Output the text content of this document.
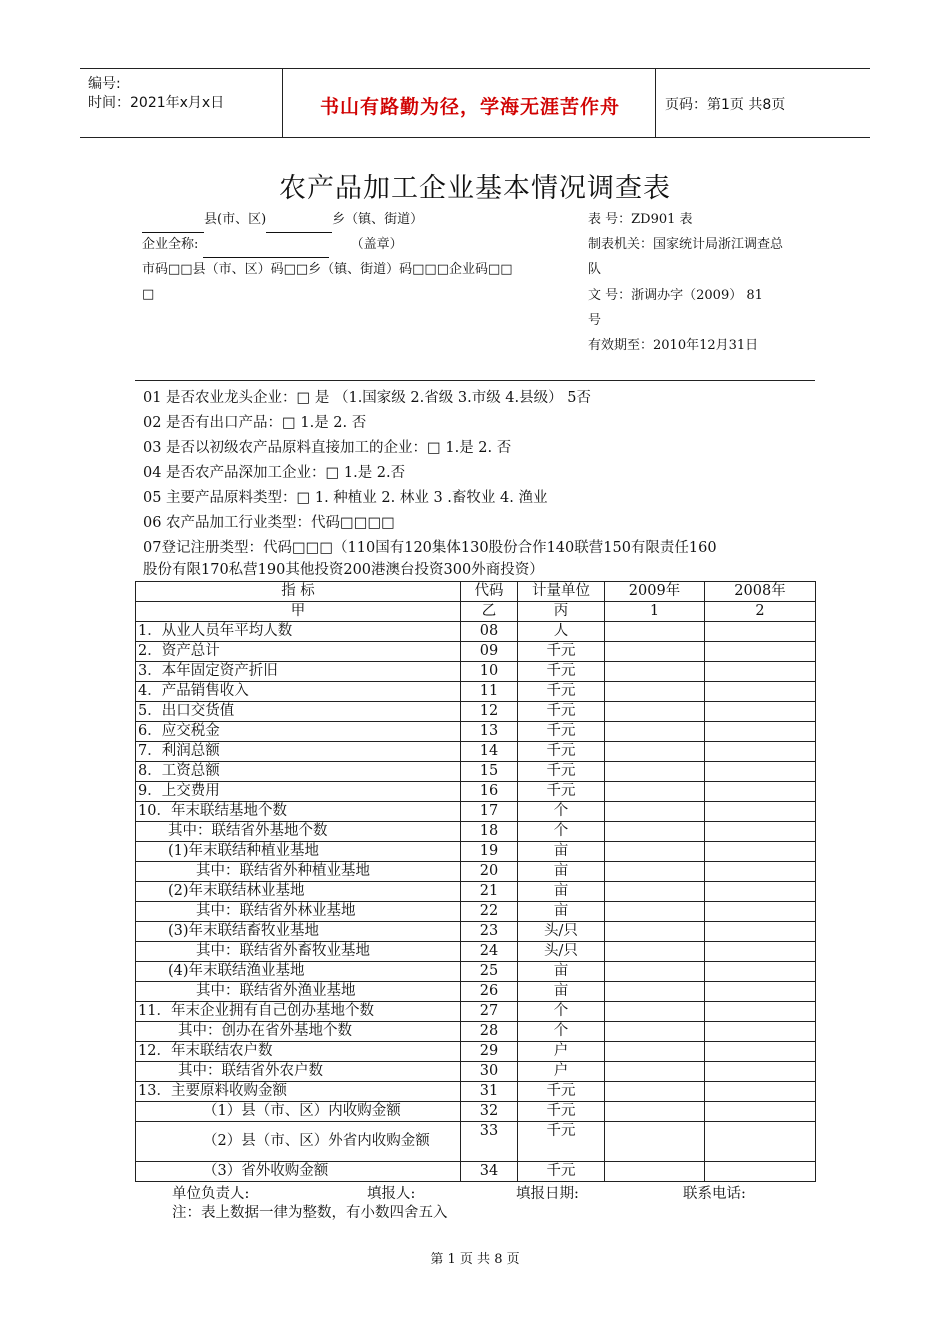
编号:
时间：2021年x月x日	书山有路勤为径，学海无涯苦作舟	页码：第1页 共8页
农产品加工企业基本情况调查表
县(市、区)	乡（镇、街道）
企业全称:	（盖章）
市码□□县（市、区）码□□乡（镇、街道）码□□□企业码□□
□
表 号：ZD901 表
制表机关：国家统计局浙江调查总
队
文 号：浙调办字（2009） 81
号
有效期至：2010年12月31日
01 是否农业龙头企业：□ 是 （1.国家级 2.省级 3.市级 4.县级） 5否
02 是否有出口产品：□ 1.是 2. 否
03 是否以初级农产品原料直接加工的企业：□ 1.是 2. 否
04 是否农产品深加工企业：□ 1.是 2.否
05 主要产品原料类型：□ 1. 种植业 2. 林业 3 .畜牧业 4. 渔业
06 农产品加工行业类型：代码□□□□
07登记注册类型：代码□□□（110国有120集体130股份合作140联营150有限责任160
股份有限170私营190其他投资200港澳台投资300外商投资）
指 标	代码	计量单位	2009年	2008年
甲	乙	丙	1	2
1．从业人员年平均人数	08	人		
2．资产总计	09	千元		
3．本年固定资产折旧	10	千元		
4．产品销售收入	11	千元		
5．出口交货值	12	千元		
6．应交税金	13	千元		
7．利润总额	14	千元		
8．工资总额	15	千元		
9．上交费用	16	千元		
10．年末联结基地个数	17	个		
其中：联结省外基地个数	18	个		
(1)年末联结种植业基地	19	亩		
其中：联结省外种植业基地	20	亩		
(2)年末联结林业基地	21	亩		
其中：联结省外林业基地	22	亩		
(3)年末联结畜牧业基地	23	头/只		
其中：联结省外畜牧业基地	24	头/只		
(4)年末联结渔业基地	25	亩		
其中：联结省外渔业基地	26	亩		
11．年末企业拥有自己创办基地个数	27	个		
其中：创办在省外基地个数	28	个		
12．年末联结农户数	29	户		
其中：联结省外农户数	30	户		
13．主要原料收购金额	31	千元		
（1）县（市、区）内收购金额	32	千元		
（2）县（市、区）外省内收购金额	33	千元		
（3）省外收购金额	34	千元		
单位负责人:	填报人:	填报日期:	联系电话:
注：表上数据一律为整数，有小数四舍五入
第 1 页 共 8 页
